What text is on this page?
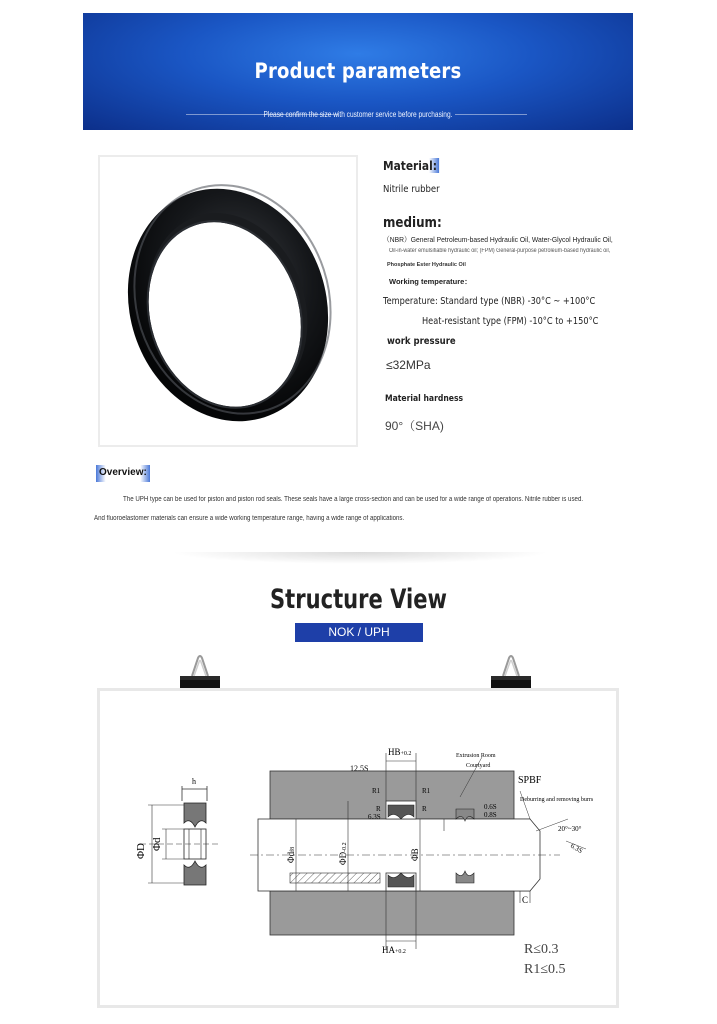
Product parameters
Please confirm the size with customer service before purchasing.
Material:
Nitrile rubber
medium:
（NBR）General Petroleum-based Hydraulic Oil, Water-Glycol Hydraulic Oil,
Oil-in-water emulsifiable hydraulic oil; (FPM) General-purpose petroleum-based hydraulic oil,
Phosphate Ester Hydraulic Oil
Working temperature：
Temperature: Standard type (NBR) -30°C ~ +100°C
Heat-resistant type (FPM) -10°C to +150°C
work pressure
≤32MPa
Material hardness
90°（SHA)
Overview:
The UPH type can be used for piston and piston rod seals. These seals have a large cross-section and can be used for a wide range of operations. Nitrile rubber is used.
And fluoroelastomer materials can ensure a wide working temperature range, having a wide range of applications.
Structure View
NOK / UPH
h
ΦD Φd
HB+0.2
12.5S
R1	R1
R	R
6.3S
Extrusion Room
Courtyard
SPBF
Deburring and removing burrs
0.6S
0.8S
20°~30°
6.3S
Φdf8
ΦD-0.2
ΦB
C
HA+0.2	R≤0.3
R1≤0.5
